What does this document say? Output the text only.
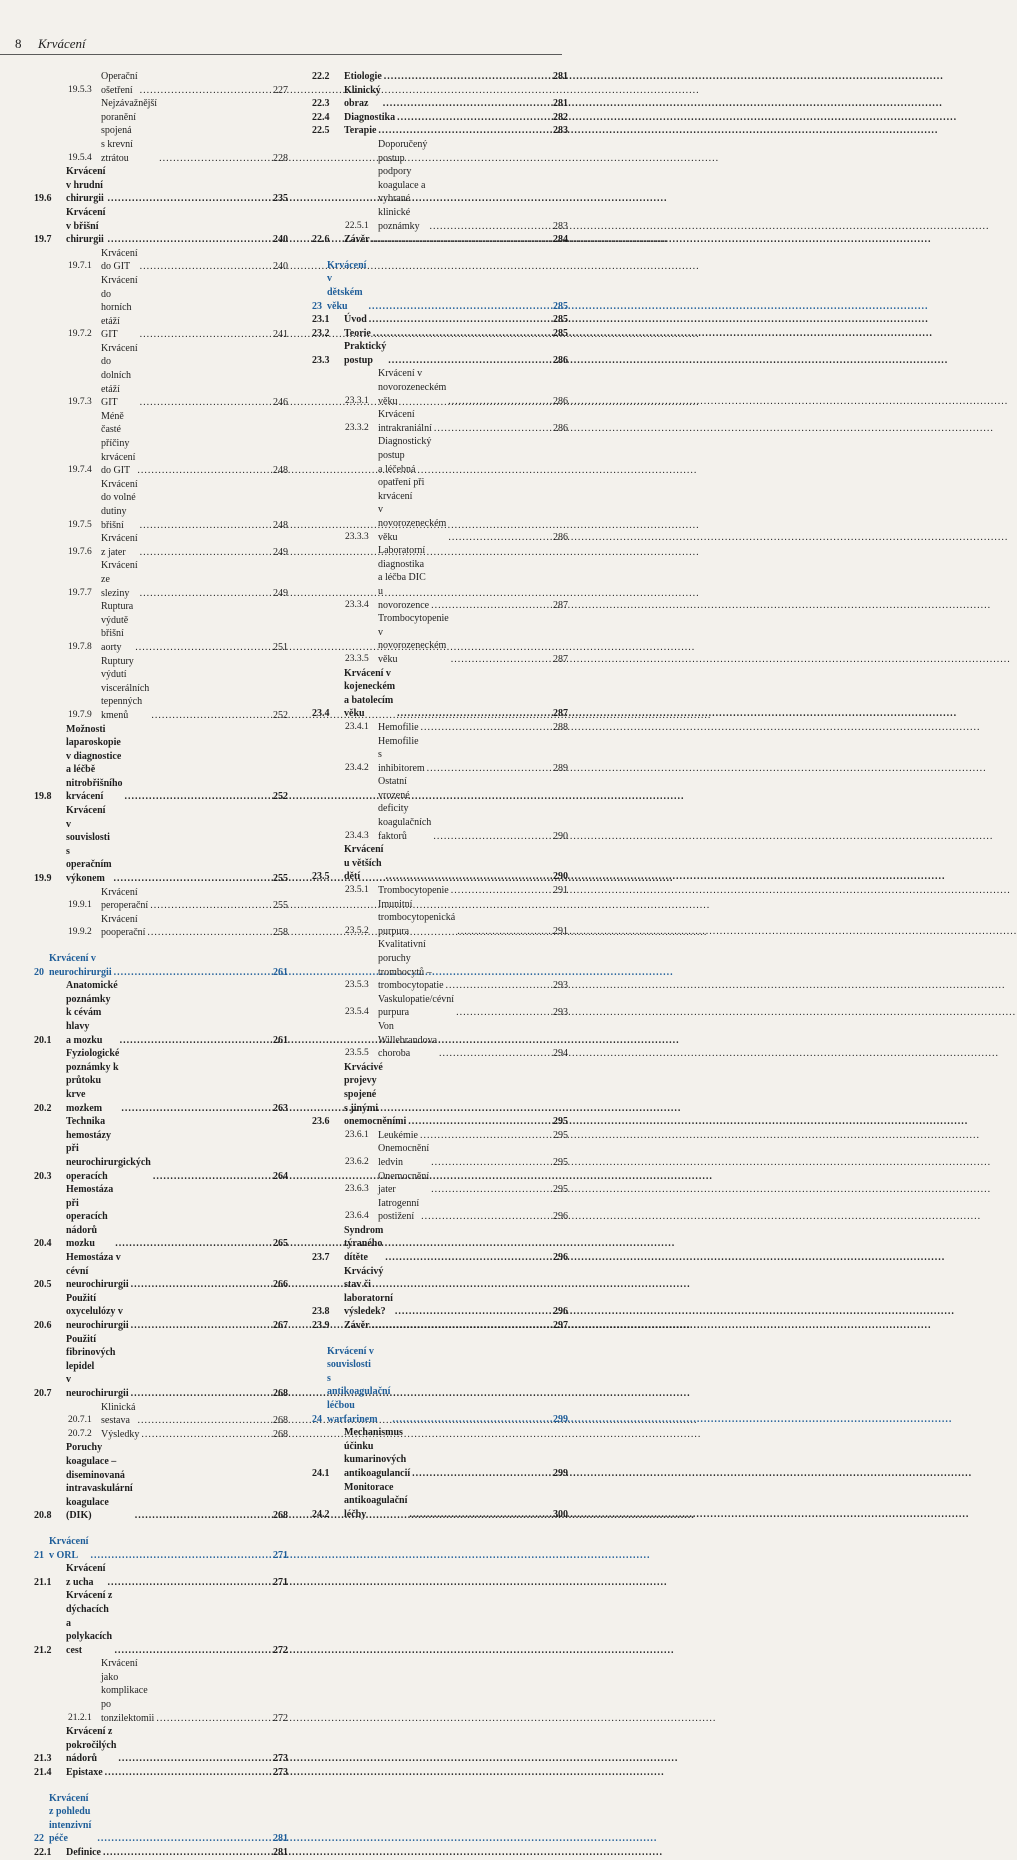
8 Krvácení
19.5.3
Operační ošetření .....	227
19.5.4
Nejzávažnější poranění spojená
s krevní ztrátou .....	228
19.6
Krvácení v hrudní chirurgii .....	235
19.7
Krvácení v břišní chirurgii .....	240
19.7.1
Krvácení do GIT .....	240
19.7.2
Krvácení do horních etáží GIT .....	241
19.7.3
Krvácení do dolních etáží GIT .....	246
19.7.4
Méně časté příčiny krvácení
do GIT .....	248
19.7.5
Krvácení do volné dutiny břišní .....	248
19.7.6
Krvácení z jater .....	249
19.7.7
Krvácení ze sleziny .....	249
19.7.8
Ruptura výdutě břišní aorty .....	251
19.7.9
Ruptury výdutí viscerálních
tepenných kmenů .....	252
19.8
Možnosti laparoskopie v diagnostice
a léčbě nitrobřišního krvácení .....	252
19.9
Krvácení v souvislosti
s operačním výkonem .....	255
19.9.1
Krvácení peroperační .....	255
19.9.2
Krvácení pooperační .....	258
20
Krvácení v neurochirurgii .....	261
20.1
Anatomické poznámky k cévám hlavy
a mozku .....	261
20.2
Fyziologické poznámky k průtoku krve
mozkem .....	263
20.3
Technika hemostázy
při neurochirurgických operacích .....	264
20.4
Hemostáza při operacích
nádorů mozku .....	265
20.5
Hemostáza v cévní neurochirurgii .....	266
20.6
Použití oxycelulózy v neurochirurgii .....	267
20.7
Použití fibrinových lepidel
v neurochirurgii .....	268
20.7.1
Klinická sestava .....	268
20.7.2 Výsledky .....	268
20.8
Poruchy koagulace – diseminovaná
intravaskulární koagulace (DIK) .....	268
21
Krvácení v ORL .....	271
21.1
Krvácení z ucha .....	271
21.2
Krvácení z dýchacích a polykacích cest .....	272
21.2.1
Krvácení jako komplikace
po tonzilektomii .....	272
21.3
Krvácení z pokročilých nádorů .....	273
21.4	Epistaxe .....	273
22
Krvácení z pohledu intenzivní péče .....	281
22.1	Definice .....	281
22.2	Etiologie .....	281
22.3
Klinický obraz .....	281
22.4	Diagnostika .....	282
22.5	Terapie .....	283
22.5.1
Doporučený postup podpory
koagulace a vybrané klinické
poznámky .....	283
22.6	Závěr .....	284
23
Krvácení v dětském věku .....	285
23.1	Úvod .....	285
23.2	Teorie .....	285
23.3
Praktický postup .....	286
23.3.1
Krvácení v novorozeneckém věku .....	286
23.3.2
Krvácení intrakraniální .....	286
23.3.3
Diagnostický postup
a léčebná opatření při krvácení
v novorozeneckém věku .....	286
23.3.4
Laboratorní diagnostika
a léčba DIC u novorozence .....	287
23.3.5
Trombocytopenie
v novorozeneckém věku .....	287
23.4
Krvácení v kojeneckém
a batolecím věku .....	287
23.4.1 Hemofilie .....	288
23.4.2
Hemofilie s inhibitorem .....	289
23.4.3
Ostatní vrozené deficity
koagulačních faktorů .....	290
23.5
Krvácení u větších dětí .....	290
23.5.1 Trombocytopenie .....	291
23.5.2
Imunitní trombocytopenická
purpura .....	291
23.5.3
Kvalitativní poruchy trombocytů –
trombocytopatie .....	293
23.5.4
Vaskulopatie/cévní purpura .....	293
23.5.5
Von Willebrandova choroba .....	294
23.6
Krvácivé projevy spojené
s jinými onemocněními .....	295
23.6.1 Leukémie .....	295
23.6.2
Onemocnění ledvin .....	295
23.6.3
Onemocnění jater .....	295
23.6.4
Iatrogenní postižení .....	296
23.7
Syndrom týraného dítěte .....	296
23.8
Krvácivý stav či laboratorní výsledek? .....	296
23.9	Závěr .....	297
24
Krvácení v souvislosti
s antikoagulační léčbou warfarinem .....	299
24.1
Mechanismus účinku
kumarinových antikoagulancií .....	299
24.2
Monitorace antikoagulační léčby .....	300
